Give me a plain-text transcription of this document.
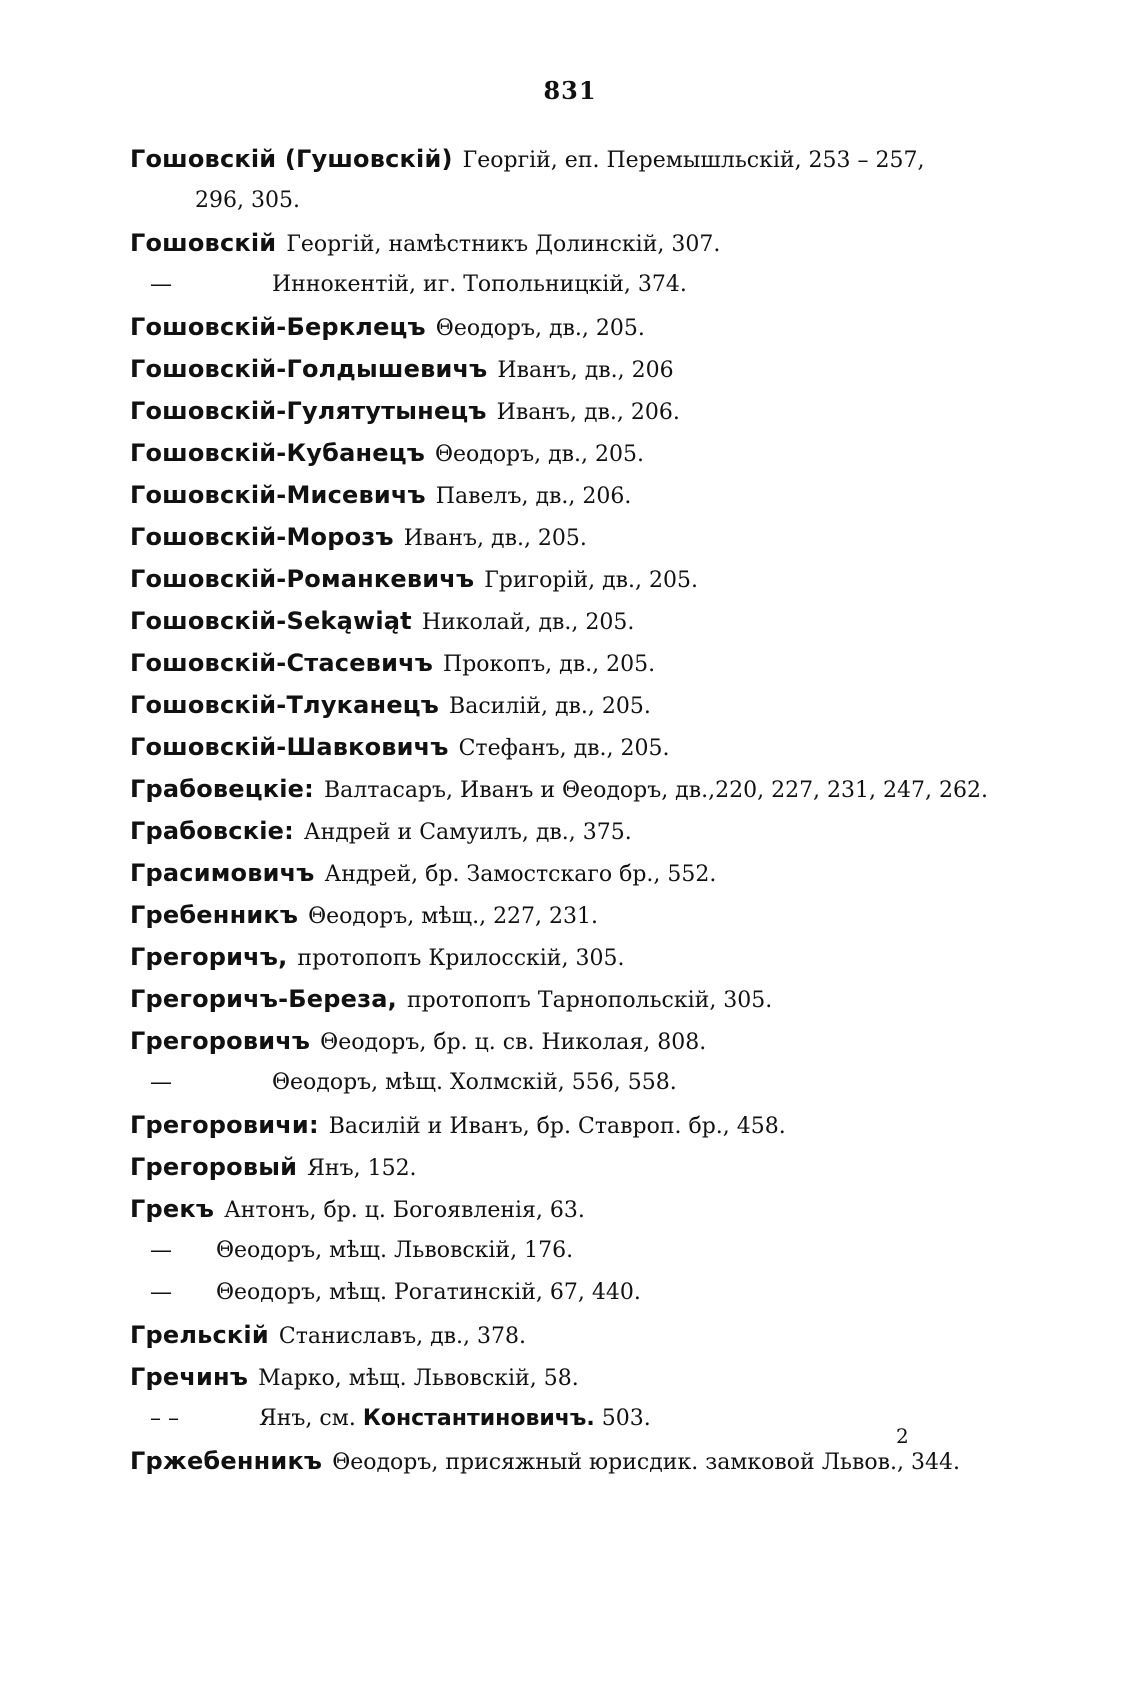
831
Гошовскій (Гушовскій) Георгій, еп. Перемышльскій, 253 – 257,
296, 305.
Гошовскій Георгій, намѣстникъ Долинскій, 307.
—	Иннокентій, иг. Топольницкій, 374.
Гошовскій-Берклецъ Θеодоръ, дв., 205.
Гошовскій-Голдышевичъ Иванъ, дв., 206
Гошовскій-Гулятутынецъ Иванъ, дв., 206.
Гошовскій-Кубанецъ Θеодоръ, дв., 205.
Гошовскій-Мисевичъ Павелъ, дв., 206.
Гошовскій-Морозъ Иванъ, дв., 205.
Гошовскій-Романкевичъ Григорій, дв., 205.
Гошовскій-Sekąwiąt Николай, дв., 205.
Гошовскій-Стасевичъ Прокопъ, дв., 205.
Гошовскій-Тлуканецъ Василій, дв., 205.
Гошовскій-Шавковичъ Стефанъ, дв., 205.
Грабовецкіе: Валтасаръ, Иванъ и Θеодоръ, дв.,220, 227, 231, 247, 262.
Грабовскіе: Андрей и Самуилъ, дв., 375.
Грасимовичъ Андрей, бр. Замостскаго бр., 552.
Гребенникъ Θеодоръ, мѣщ., 227, 231.
Грегоричъ, протопопъ Крилосскій, 305.
Грегоричъ-Береза, протопопъ Тарнопольскій, 305.
Грегоровичъ Θеодоръ, бр. ц. св. Николая, 808.
—	Θеодоръ, мѣщ. Холмскій, 556, 558.
Грегоровичи: Василій и Иванъ, бр. Ставроп. бр., 458.
Грегоровый Янъ, 152.
Грекъ Антонъ, бр. ц. Богоявленія, 63.
— Θеодоръ, мѣщ. Львовскій, 176.
— Θеодоръ, мѣщ. Рогатинскій, 67, 440.
Грельскій Станиславъ, дв., 378.
Гречинъ Марко, мѣщ. Львовскій, 58.
– –	Янъ, см. Константиновичъ. 503.
Гржебенникъ Θеодоръ, присяжный юрисдик. замковой Львов., 344.
2
